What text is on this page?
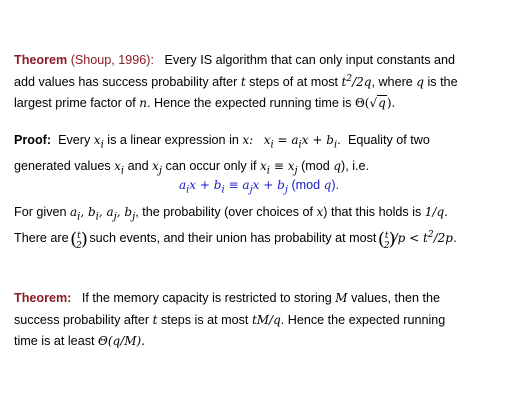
Theorem (Shoup, 1996): Every IS algorithm that can only input constants and
add values has success probability after t steps of at most $t^2/2q$, where q is the
largest prime factor of n. Hence the expected running time is Θ(√q).
Proof: Every $x_i$ is a linear expression in x: $x_i = a_ix + b_i$. Equality of two
generated values $x_i$ and $x_j$ can occur only if $x_i \equiv x_j$ (mod q), i.e.
$a_ix + b_i \equiv a_jx + b_j$ (mod q).
For given $a_i$, $b_i$, $a_j$, $b_j$, the probability (over choices of x) that this holds is 1/q.
There are ( t
2
) such events, and their union has probability at most ( t
2
)
$/p < t^2/2p$.
Theorem: If the memory capacity is restricted to storing M values, then the
success probability after t steps is at most tM/q. Hence the expected running
time is at least Θ(q/M).
